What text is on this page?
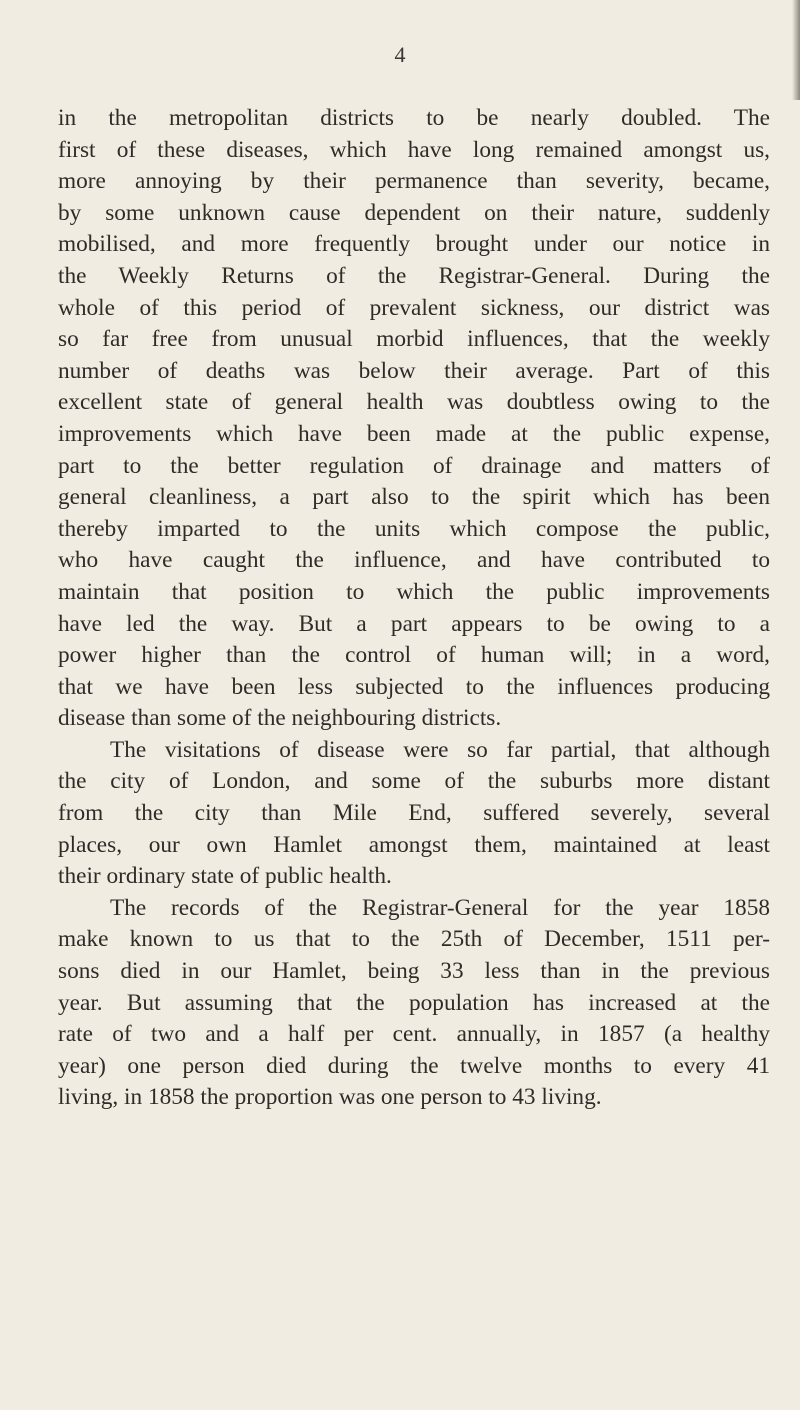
4
in the metropolitan districts to be nearly doubled. The
first of these diseases, which have long remained amongst us,
more annoying by their permanence than severity, became,
by some unknown cause dependent on their nature, suddenly
mobilised, and more frequently brought under our notice in
the Weekly Returns of the Registrar-General. During the
whole of this period of prevalent sickness, our district was
so far free from unusual morbid influences, that the weekly
number of deaths was below their average. Part of this
excellent state of general health was doubtless owing to the
improvements which have been made at the public expense,
part to the better regulation of drainage and matters of
general cleanliness, a part also to the spirit which has been
thereby imparted to the units which compose the public,
who have caught the influence, and have contributed to
maintain that position to which the public improvements
have led the way. But a part appears to be owing to a
power higher than the control of human will; in a word,
that we have been less subjected to the influences producing
disease than some of the neighbouring districts.
The visitations of disease were so far partial, that although
the city of London, and some of the suburbs more distant
from the city than Mile End, suffered severely, several
places, our own Hamlet amongst them, maintained at least
their ordinary state of public health.
The records of the Registrar-General for the year 1858
make known to us that to the 25th of December, 1511 per-
sons died in our Hamlet, being 33 less than in the previous
year. But assuming that the population has increased at the
rate of two and a half per cent. annually, in 1857 (a healthy
year) one person died during the twelve months to every 41
living, in 1858 the proportion was one person to 43 living.
